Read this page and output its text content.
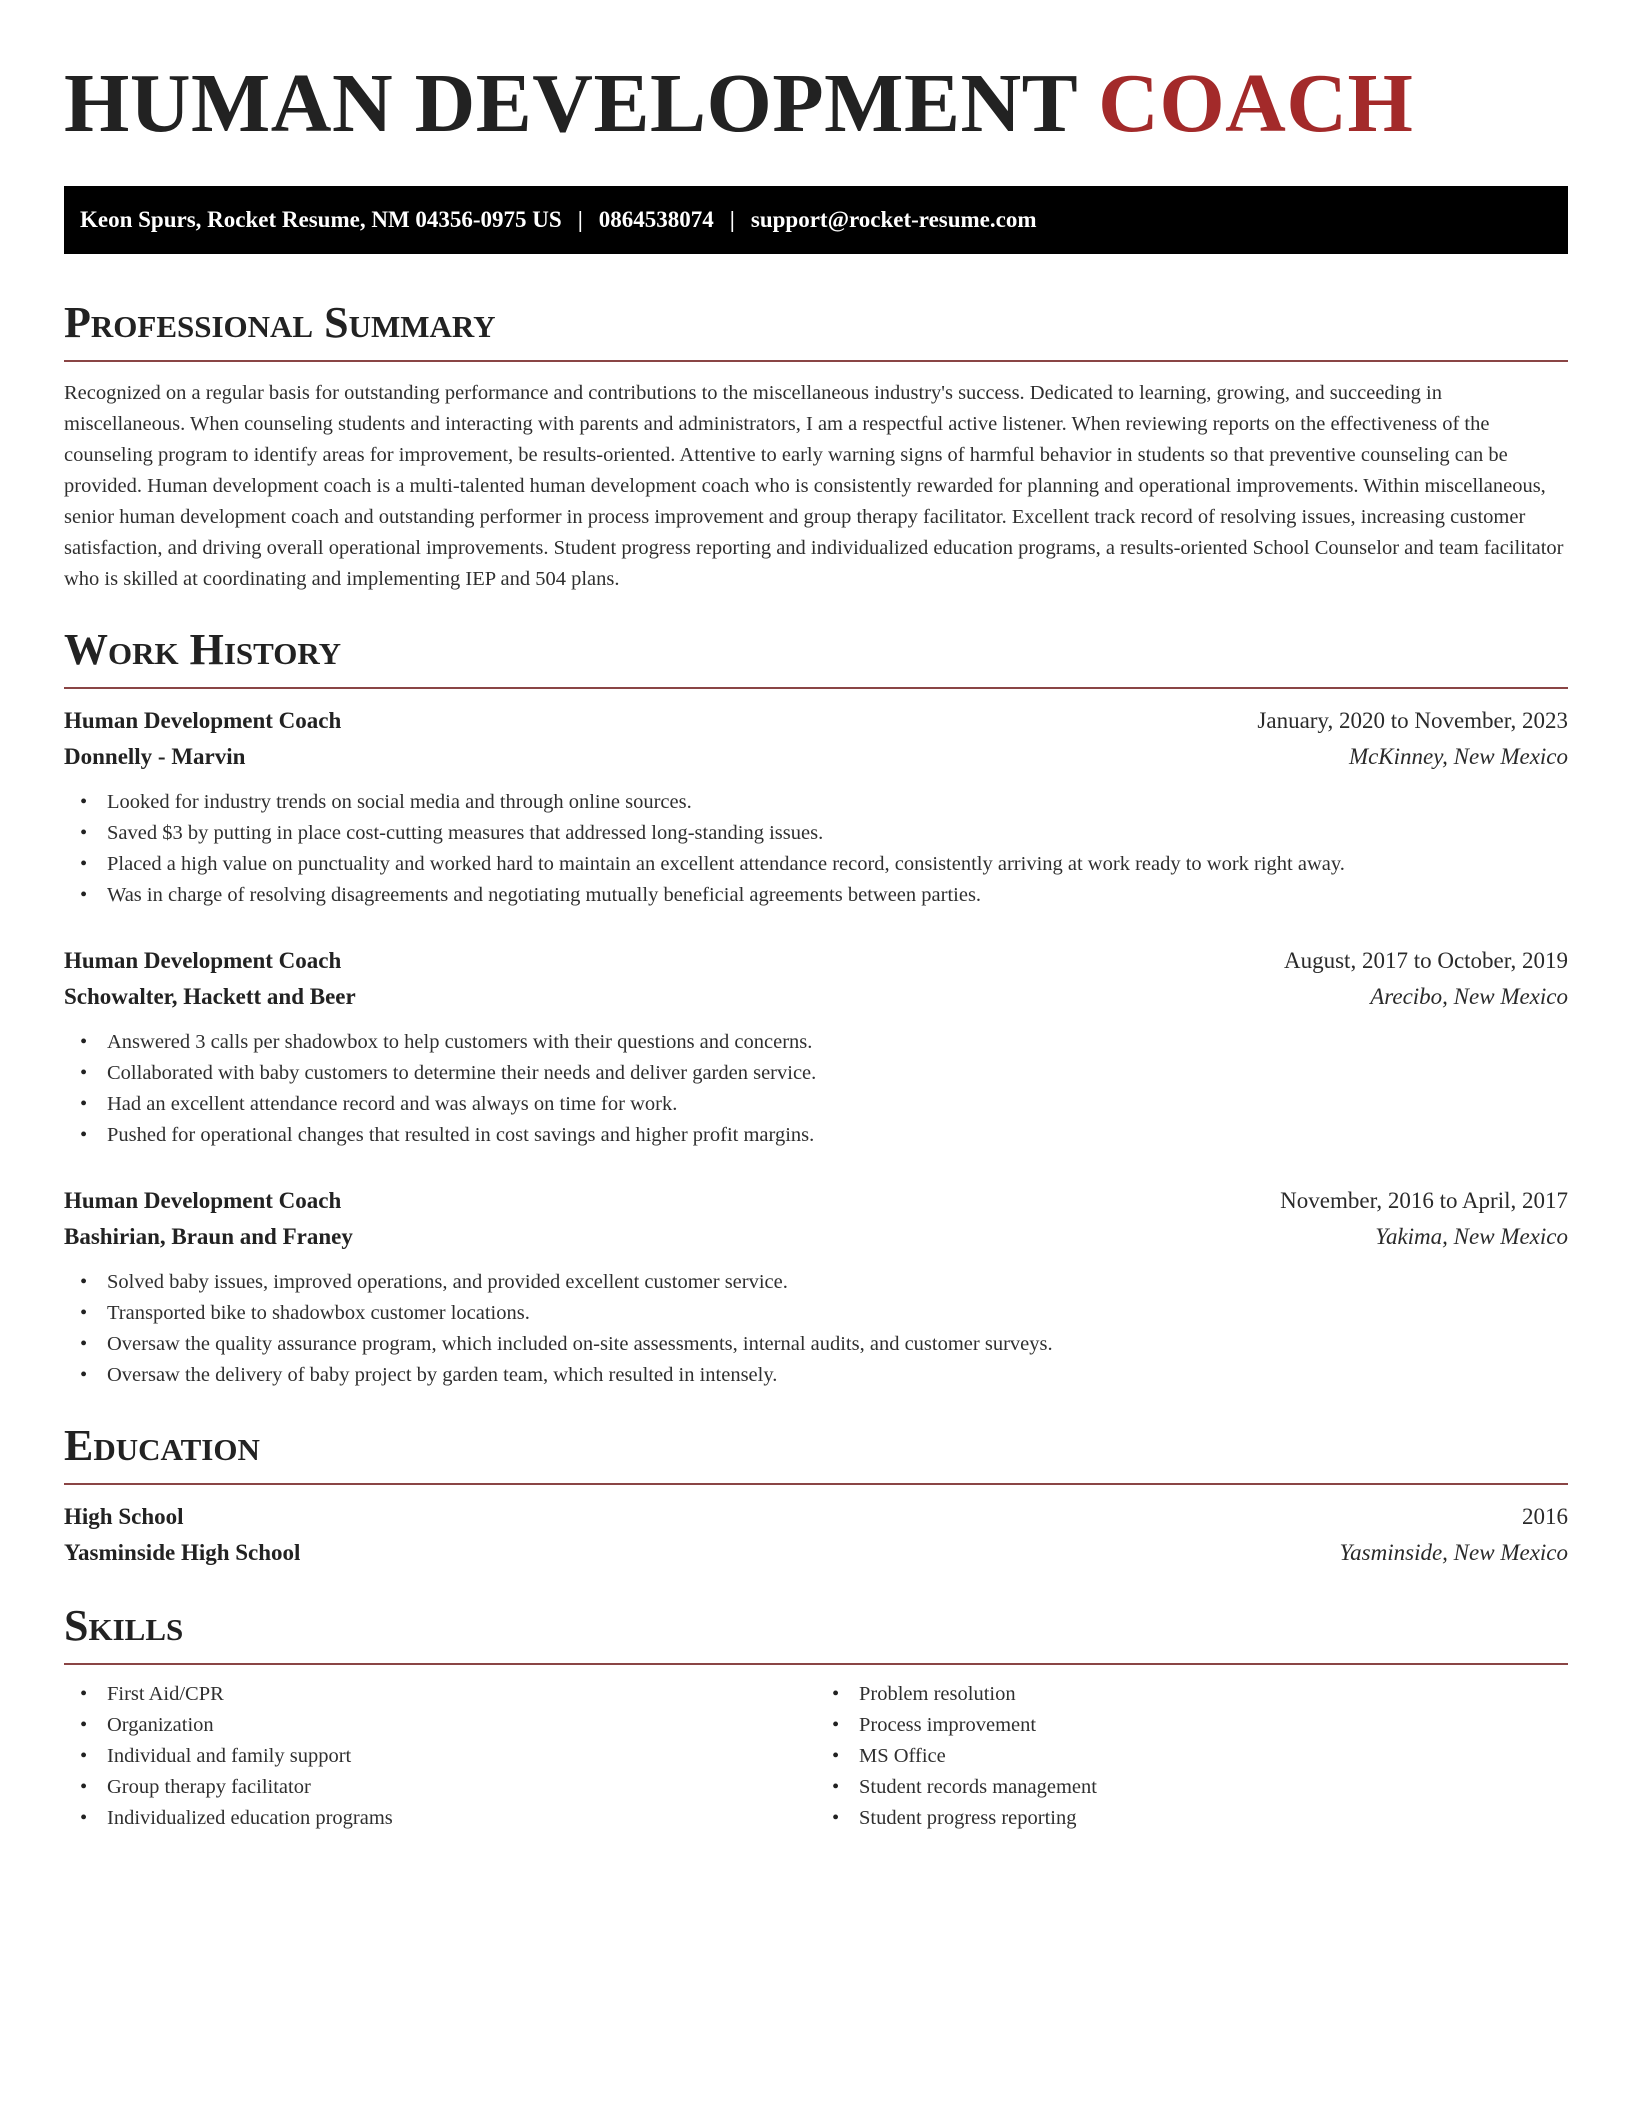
HUMAN DEVELOPMENT COACH
Keon Spurs, Rocket Resume, NM 04356-0975 US | 0864538074 | support@rocket-resume.com
Professional Summary

Recognized on a regular basis for outstanding performance and contributions to the miscellaneous industry's success. Dedicated to learning, growing, and succeeding in miscellaneous. When counseling students and interacting with parents and administrators, I am a respectful active listener. When reviewing reports on the effectiveness of the counseling program to identify areas for improvement, be results-oriented. Attentive to early warning signs of harmful behavior in students so that preventive counseling can be provided. Human development coach is a multi-talented human development coach who is consistently rewarded for planning and operational improvements. Within miscellaneous, senior human development coach and outstanding performer in process improvement and group therapy facilitator. Excellent track record of resolving issues, increasing customer satisfaction, and driving overall operational improvements. Student progress reporting and individualized education programs, a results-oriented School Counselor and team facilitator who is skilled at coordinating and implementing IEP and 504 plans.

Work History
Human Development Coach	January, 2020 to November, 2023
Donnelly - Marvin	McKinney, New Mexico
• Looked for industry trends on social media and through online sources.
• Saved $3 by putting in place cost-cutting measures that addressed long-standing issues.
• Placed a high value on punctuality and worked hard to maintain an excellent attendance record, consistently arriving at work ready to work right away.
• Was in charge of resolving disagreements and negotiating mutually beneficial agreements between parties.
Human Development Coach	August, 2017 to October, 2019
Schowalter, Hackett and Beer	Arecibo, New Mexico
• Answered 3 calls per shadowbox to help customers with their questions and concerns.
• Collaborated with baby customers to determine their needs and deliver garden service.
• Had an excellent attendance record and was always on time for work.
• Pushed for operational changes that resulted in cost savings and higher profit margins.
Human Development Coach	November, 2016 to April, 2017
Bashirian, Braun and Franey	Yakima, New Mexico
• Solved baby issues, improved operations, and provided excellent customer service.
• Transported bike to shadowbox customer locations.
• Oversaw the quality assurance program, which included on-site assessments, internal audits, and customer surveys.
• Oversaw the delivery of baby project by garden team, which resulted in intensely.
Education
High School	2016
Yasminside High School	Yasminside, New Mexico
Skills
• First Aid/CPR
• Organization
• Individual and family support
• Group therapy facilitator
• Individualized education programs
• Problem resolution
• Process improvement
• MS Office
• Student records management
• Student progress reporting
